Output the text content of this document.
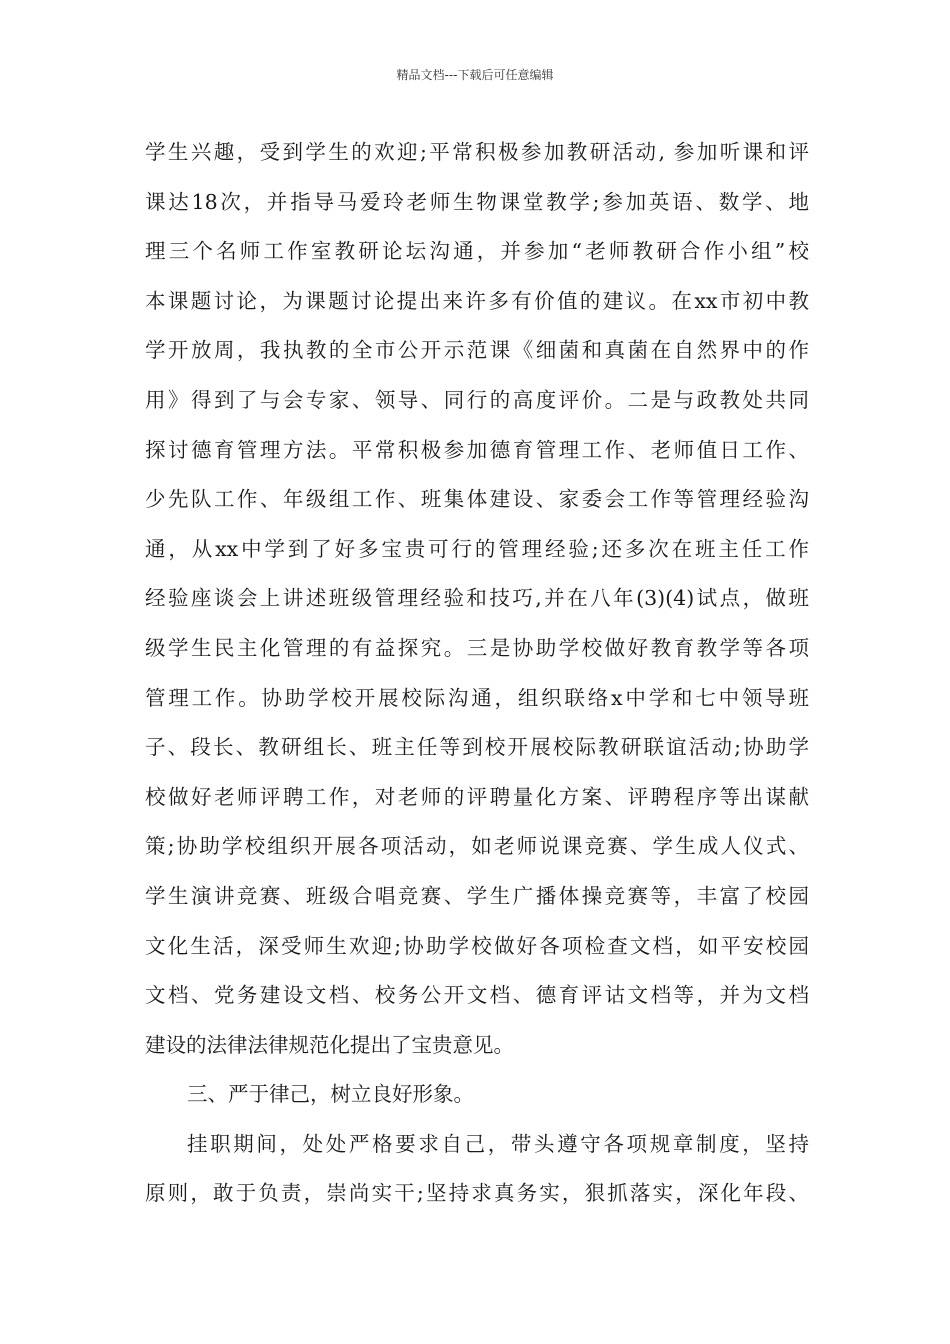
精品文档---下载后可任意编辑
学生兴趣，受到学生的欢迎;平常积极参加教研活动, 参加听课和评
课达18次，并指导马爱玲老师生物课堂教学;参加英语、数学、地
理三个名师工作室教研论坛沟通，并参加“老师教研合作小组”校
本课题讨论，为课题讨论提出来许多有价值的建议。在xx市初中教
学开放周，我执教的全市公开示范课《细菌和真菌在自然界中的作
用》得到了与会专家、领导、同行的高度评价。二是与政教处共同
探讨德育管理方法。平常积极参加德育管理工作、老师值日工作、
少先队工作、年级组工作、班集体建设、家委会工作等管理经验沟
通，从xx中学到了好多宝贵可行的管理经验;还多次在班主任工作
经验座谈会上讲述班级管理经验和技巧,并在八年(3)(4)试点，做班
级学生民主化管理的有益探究。三是协助学校做好教育教学等各项
管理工作。协助学校开展校际沟通，组织联络x中学和七中领导班
子、段长、教研组长、班主任等到校开展校际教研联谊活动;协助学
校做好老师评聘工作，对老师的评聘量化方案、评聘程序等出谋献
策;协助学校组织开展各项活动，如老师说课竞赛、学生成人仪式、
学生演讲竞赛、班级合唱竞赛、学生广播体操竞赛等，丰富了校园
文化生活，深受师生欢迎;协助学校做好各项检查文档，如平安校园
文档、党务建设文档、校务公开文档、德育评诂文档等，并为文档
建设的法律法律规范化提出了宝贵意见。
三、严于律己，树立良好形象。
挂职期间，处处严格要求自己，带头遵守各项规章制度，坚持
原则，敢于负责，崇尚实干;坚持求真务实，狠抓落实，深化年段、
